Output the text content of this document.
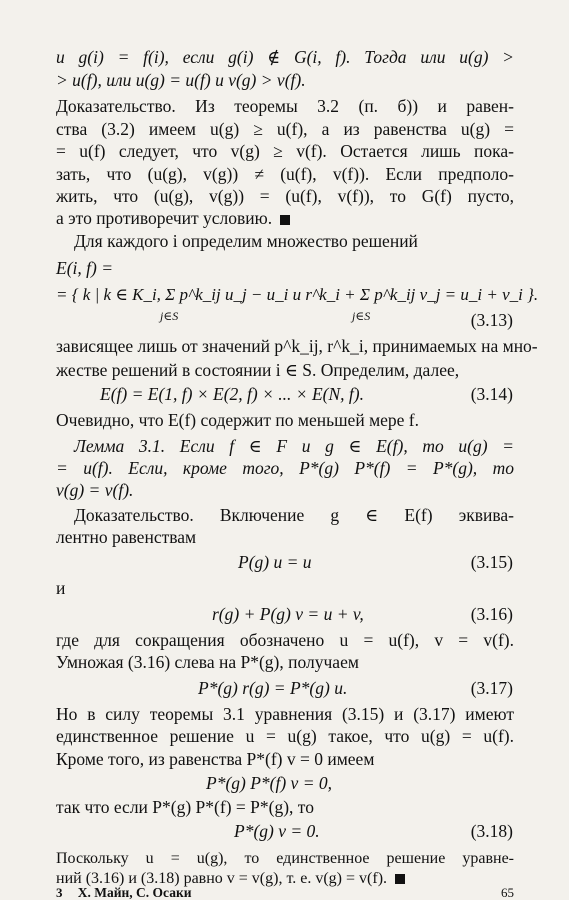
u g(i) = f(i), если g(i) ∉ G(i, f). Тогда или u(g) >
> u(f), или u(g) = u(f) и v(g) > v(f).
Доказательство. Из теоремы 3.2 (п. б)) и равен-
ства (3.2) имеем u(g) ≥ u(f), а из равенства u(g) =
= u(f) следует, что v(g) ≥ v(f). Остается лишь пока-
зать, что (u(g), v(g)) ≠ (u(f), v(f)). Если предполо-
жить, что (u(g), v(g)) = (u(f), v(f)), то G(f) пусто,
а это противоречит условию.
Для каждого i определим множество решений
E(i, f) =
= { k | k ∈ K_i, Σ p^k_ij u_j − u_i и r^k_i + Σ p^k_ij v_j = u_i + v_i }.
j∈S	j∈S	(3.13)
зависящее лишь от значений p^k_ij, r^k_i, принимаемых на мно-
жестве решений в состоянии i ∈ S. Определим, далее,
E(f) = E(1, f) × E(2, f) × ... × E(N, f).	(3.14)
Очевидно, что E(f) содержит по меньшей мере f.
Лемма 3.1. Если f ∈ F и g ∈ E(f), то u(g) =
= u(f). Если, кроме того, P*(g) P*(f) = P*(g), то
v(g) = v(f).
Доказательство. Включение g ∈ E(f) эквива-
лентно равенствам
P(g) u = u	(3.15)
и
r(g) + P(g) v = u + v,	(3.16)
где для сокращения обозначено u = u(f), v = v(f).
Умножая (3.16) слева на P*(g), получаем
P*(g) r(g) = P*(g) u.	(3.17)
Но в силу теоремы 3.1 уравнения (3.15) и (3.17) имеют
единственное решение u = u(g) такое, что u(g) = u(f).
Кроме того, из равенства P*(f) v = 0 имеем
P*(g) P*(f) v = 0,
так что если P*(g) P*(f) = P*(g), то
P*(g) v = 0.	(3.18)
Поскольку u = u(g), то единственное решение уравне-
ний (3.16) и (3.18) равно v = v(g), т. е. v(g) = v(f).
3 Х. Майн, С. Осаки	65
